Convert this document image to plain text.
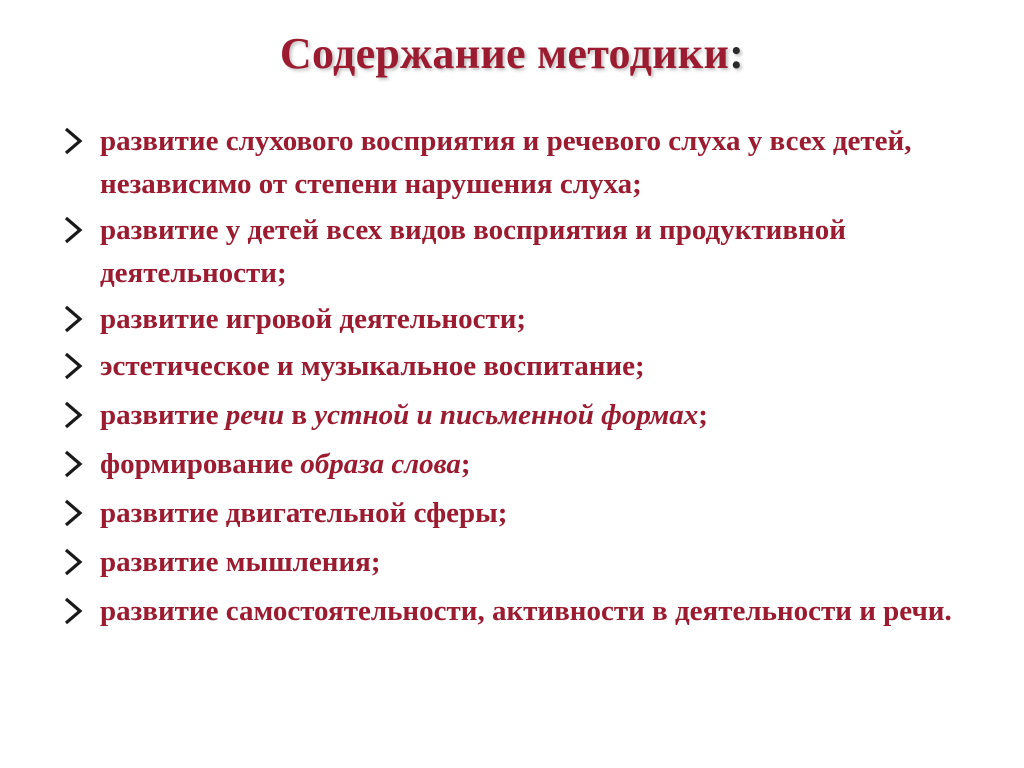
Содержание методики:
развитие слухового восприятия и речевого слуха у всех детей, независимо от степени нарушения слуха;
развитие у детей всех видов восприятия и продуктивной деятельности;
развитие игровой деятельности;
эстетическое и музыкальное воспитание;
развитие речи в устной и письменной формах;
формирование образа слова;
развитие двигательной сферы;
развитие мышления;
развитие самостоятельности, активности в деятельности и речи.
